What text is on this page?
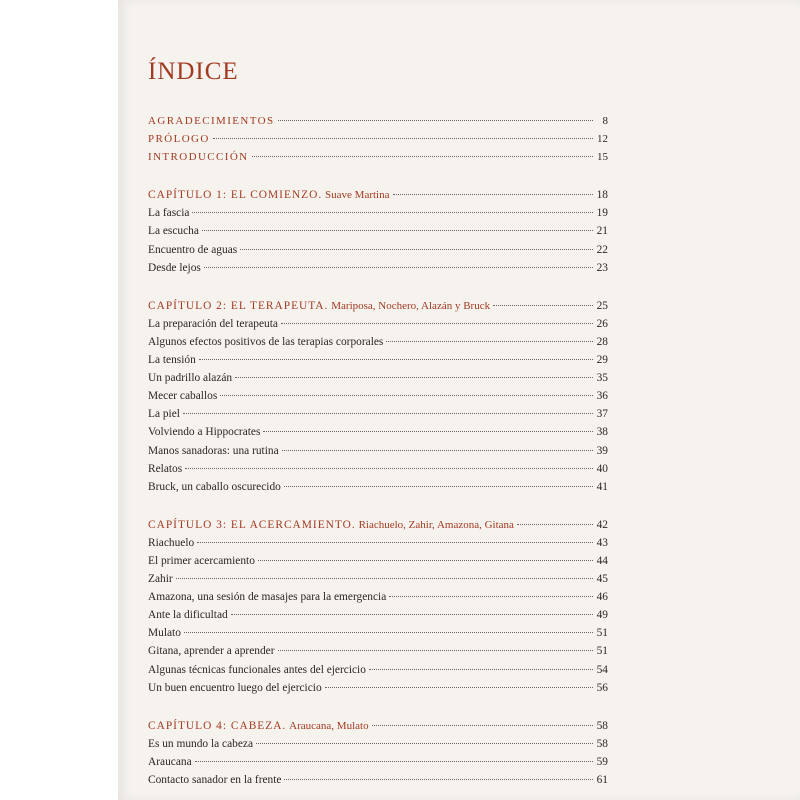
ÍNDICE
AGRADECIMIENTOS	8
PRÓLOGO	12
INTRODUCCIÓN	15
CAPÍTULO 1: EL COMIENZO. Suave Martina	18
La fascia	19
La escucha	21
Encuentro de aguas	22
Desde lejos	23
CAPÍTULO 2: EL TERAPEUTA. Mariposa, Nochero, Alazán y Bruck	25
La preparación del terapeuta	26
Algunos efectos positivos de las terapias corporales	28
La tensión	29
Un padrillo alazán	35
Mecer caballos	36
La piel	37
Volviendo a Hippocrates	38
Manos sanadoras: una rutina	39
Relatos	40
Bruck, un caballo oscurecido	41
CAPÍTULO 3: EL ACERCAMIENTO. Riachuelo, Zahir, Amazona, Gitana	42
Riachuelo	43
El primer acercamiento	44
Zahir	45
Amazona, una sesión de masajes para la emergencia	46
Ante la dificultad	49
Mulato	51
Gitana, aprender a aprender	51
Algunas técnicas funcionales antes del ejercicio	54
Un buen encuentro luego del ejercicio	56
CAPÍTULO 4: CABEZA. Araucana, Mulato	58
Es un mundo la cabeza	58
Araucana	59
Contacto sanador en la frente	61
